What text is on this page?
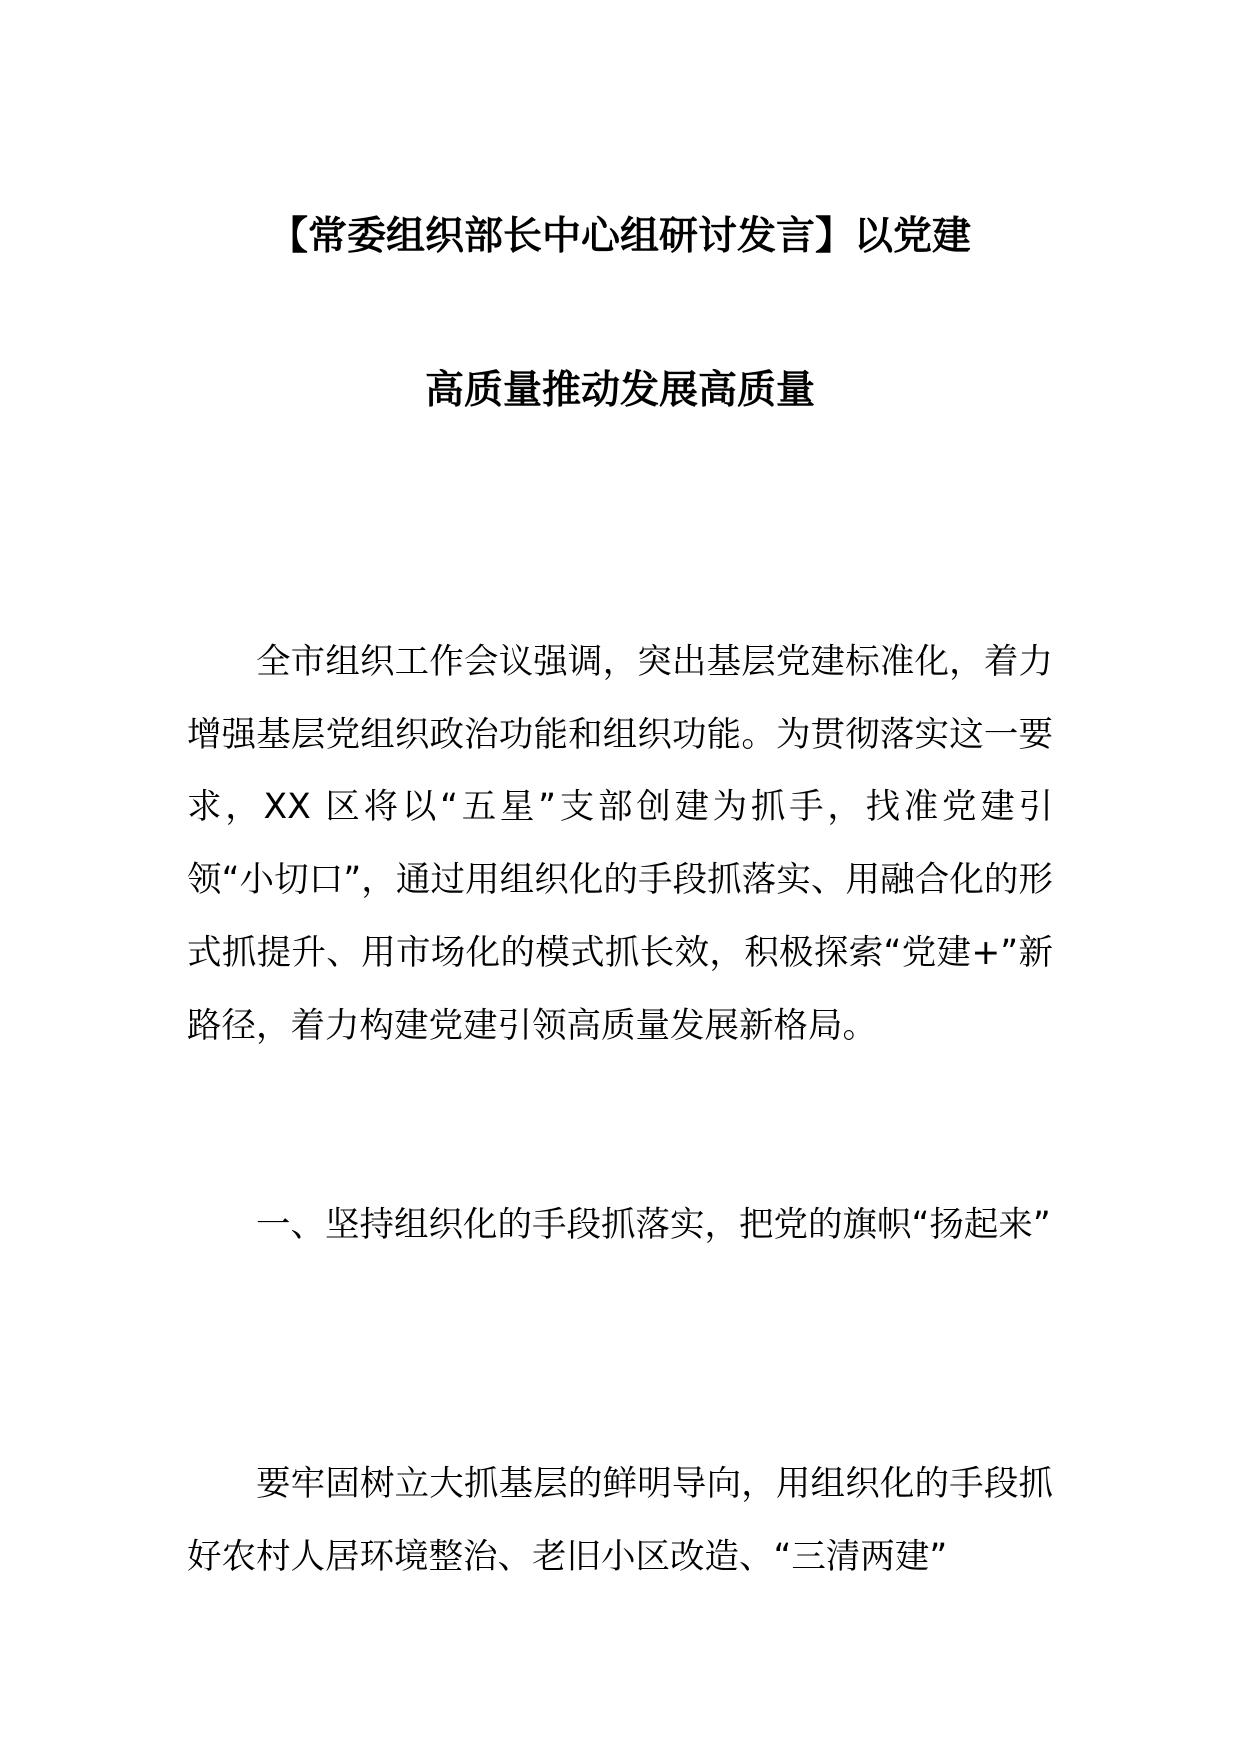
【常委组织部长中心组研讨发言】以党建
高质量推动发展高质量

全市组织工作会议强调，突出基层党建标准化，着力增强基层党组织政治功能和组织功能。为贯彻落实这一要求，XX 区将以“五星”支部创建为抓手，找准党建引领“小切口”，通过用组织化的手段抓落实、用融合化的形式抓提升、用市场化的模式抓长效，积极探索“党建+”新路径，着力构建党建引领高质量发展新格局。

一、坚持组织化的手段抓落实，把党的旗帜“扬起来”

要牢固树立大抓基层的鲜明导向，用组织化的手段抓好农村人居环境整治、老旧小区改造、“三清两建”
